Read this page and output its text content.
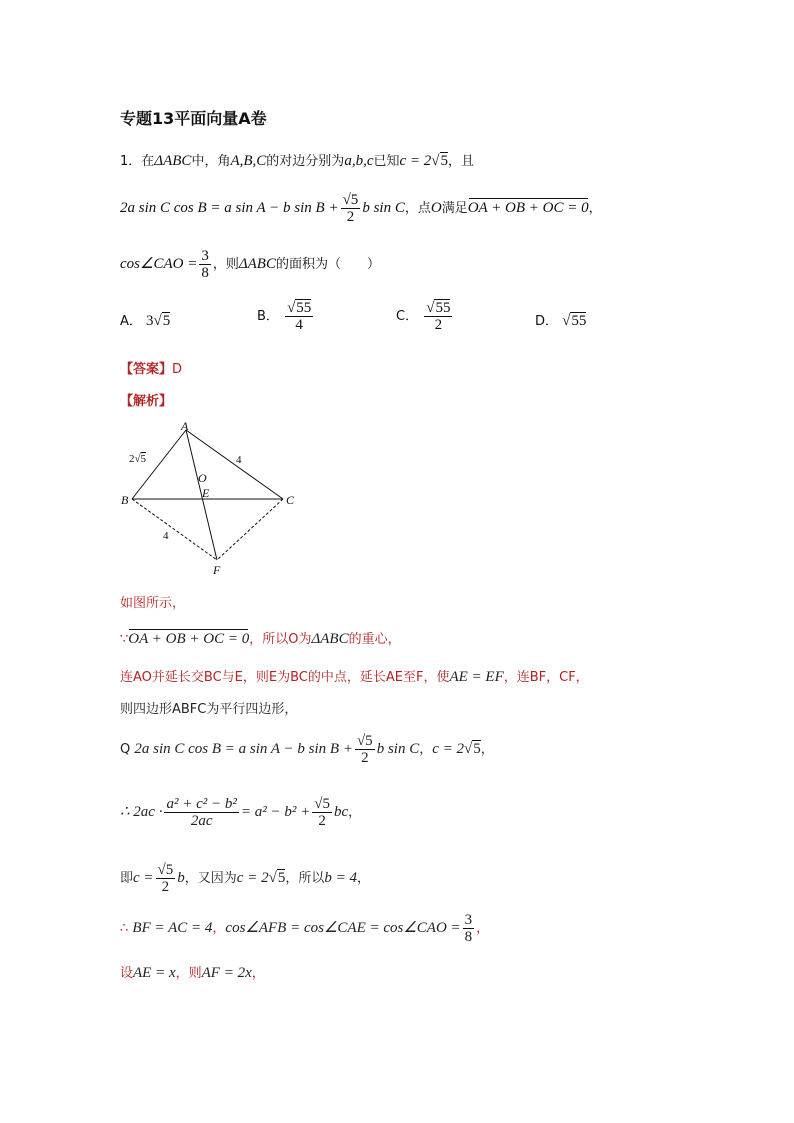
专题13平面向量A卷
1．在ΔABC中，角A,B,C的对边分别为a,b,c已知c = 2√5，且
2a sin C cos B = a sin A − b $\sin B + \frac{√5}{2}$ b sin C，点O满足OA + OB + OC = 0，
cos∠CAO = $\frac{3}{8}$ ，则ΔABC的面积为（　　）
A． 3√5	B． $\frac{√55}{4}$	C． $\frac{√55}{2}$	D． √55
【答案】D
【解析】
A
B	C
O
E
F
2√5	4
4
如图所示，
∵OA + OB + OC = 0，所以O为ΔABC的重心，
连AO并延长交BC与E，则E为BC的中点，延长AE至F，使AE = EF，连BF，CF，
则四边形ABFC为平行四边形，
Q 2a sin C cos B = a sin A − b $\sin B + \frac{√5}{2}$ b sin C，c = 2√5，
∴ $2ac \cdot \frac{\text{a² + c² − b²}}{2ac} = a^2 - b^2 + \frac{√5}{2}$ bc，
即$c = \frac{√5}{2}$ b，又因为c = 2√5，所以b = 4，
∴ BF = AC = 4，cos∠AFB = cos∠CAE = cos∠CAO = $\frac{3}{8}$ ，
设AE = x，则AF = 2x，
